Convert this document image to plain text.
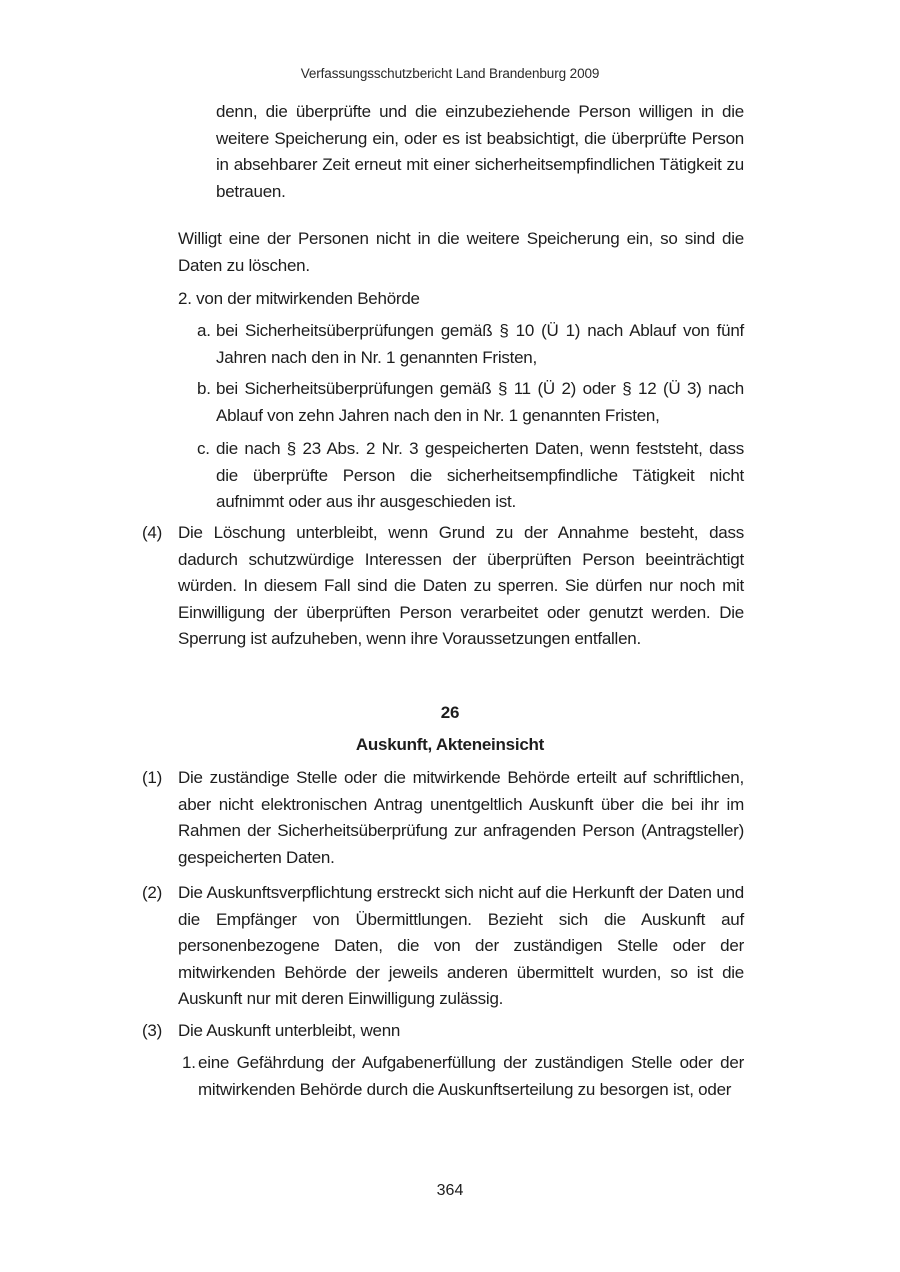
Verfassungsschutzbericht Land Brandenburg 2009
denn, die überprüfte und die einzubeziehende Person willigen in die weitere Speicherung ein, oder es ist beabsichtigt, die überprüfte Person in absehbarer Zeit erneut mit einer sicherheitsempfindlichen Tätigkeit zu betrauen.
Willigt eine der Personen nicht in die weitere Speicherung ein, so sind die Daten zu löschen.
2. von der mitwirkenden Behörde
a. bei Sicherheitsüberprüfungen gemäß § 10 (Ü 1) nach Ablauf von fünf Jahren nach den in Nr. 1 genannten Fristen,
b. bei Sicherheitsüberprüfungen gemäß § 11 (Ü 2) oder § 12 (Ü 3) nach Ablauf von zehn Jahren nach den in Nr. 1 genannten Fristen,
c. die nach § 23 Abs. 2 Nr. 3 gespeicherten Daten, wenn feststeht, dass die überprüfte Person die sicherheitsempfindliche Tätigkeit nicht aufnimmt oder aus ihr ausgeschieden ist.
(4) Die Löschung unterbleibt, wenn Grund zu der Annahme besteht, dass dadurch schutzwürdige Interessen der überprüften Person beeinträchtigt würden. In diesem Fall sind die Daten zu sperren. Sie dürfen nur noch mit Einwilligung der überprüften Person verarbeitet oder genutzt werden. Die Sperrung ist aufzuheben, wenn ihre Voraussetzungen entfallen.
26
Auskunft, Akteneinsicht
(1) Die zuständige Stelle oder die mitwirkende Behörde erteilt auf schriftlichen, aber nicht elektronischen Antrag unentgeltlich Auskunft über die bei ihr im Rahmen der Sicherheitsüberprüfung zur anfragenden Person (Antragsteller) gespeicherten Daten.
(2) Die Auskunftsverpflichtung erstreckt sich nicht auf die Herkunft der Daten und die Empfänger von Übermittlungen. Bezieht sich die Auskunft auf personenbezogene Daten, die von der zuständigen Stelle oder der mitwirkenden Behörde der jeweils anderen übermittelt wurden, so ist die Auskunft nur mit deren Einwilligung zulässig.
(3) Die Auskunft unterbleibt, wenn
1. eine Gefährdung der Aufgabenerfüllung der zuständigen Stelle oder der mitwirkenden Behörde durch die Auskunftserteilung zu besorgen ist, oder
364
